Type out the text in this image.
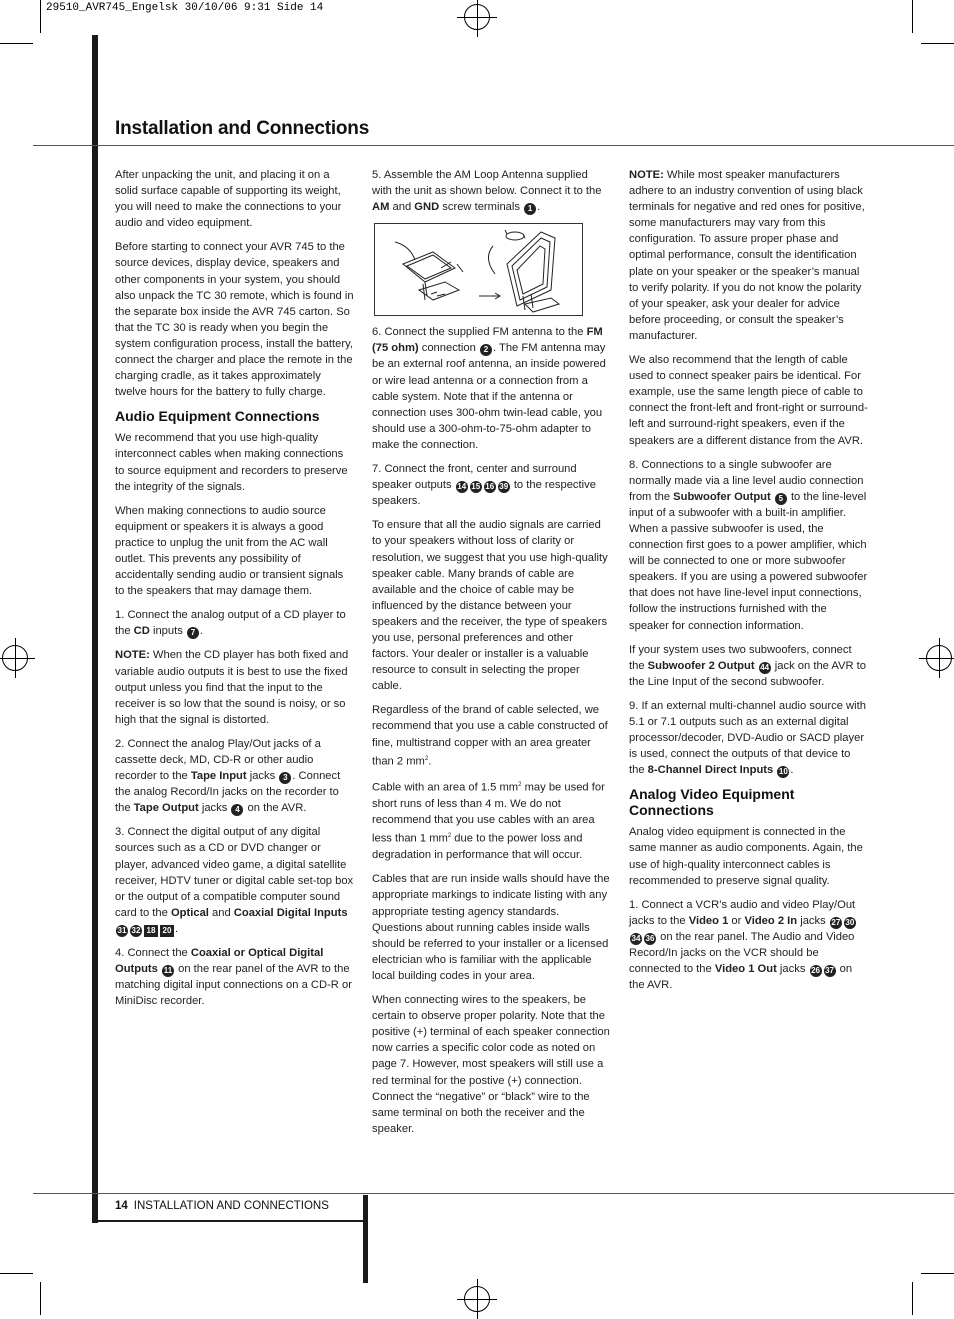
29510_AVR745_Engelsk 30/10/06 9:31 Side 14
Installation and Connections
14 INSTALLATION AND CONNECTIONS

After unpacking the unit, and placing it on a solid surface capable of supporting its weight, you will need to make the connections to your audio and video equipment.

Before starting to connect your AVR 745 to the source devices, display device, speakers and other components in your system, you should also unpack the TC 30 remote, which is found in the separate box inside the AVR 745 carton. So that the TC 30 is ready when you begin the system configuration process, install the battery, connect the charger and place the remote in the charging cradle, as it takes approximately twelve hours for the battery to fully charge.

Audio Equipment Connections

We recommend that you use high-quality interconnect cables when making connections to source equipment and recorders to preserve the integrity of the signals.

When making connections to audio source equipment or speakers it is always a good practice to unplug the unit from the AC wall outlet. This prevents any possibility of accidentally sending audio or transient signals to the speakers that may damage them.

1. Connect the analog output of a CD player to the CD inputs 7 .

NOTE: When the CD player has both fixed and variable audio outputs it is best to use the fixed output unless you find that the input to the receiver is so low that the sound is noisy, or so high that the signal is distorted.

2. Connect the analog Play/Out jacks of a cassette deck, MD, CD-R or other audio recorder to the Tape Input jacks 3 . Connect the analog Record/In jacks on the recorder to the Tape Output jacks 4 on the AVR.

3. Connect the digital output of any digital sources such as a CD or DVD changer or player, advanced video game, a digital satellite receiver, HDTV tuner or digital cable set-top box or the output of a compatible computer sound card to the Optical and Coaxial Digital Inputs
31 32 18 20 .

4. Connect the Coaxial or Optical Digital Outputs 11 on the rear panel of the AVR to the matching digital input connections on a CD-R or MiniDisc recorder.

5. Assemble the AM Loop Antenna supplied with the unit as shown below. Connect it to the AM and GND screw terminals 1 .

6. Connect the supplied FM antenna to the FM (75 ohm) connection 2 . The FM antenna may be an external roof antenna, an inside powered or wire lead antenna or a connection from a cable system. Note that if the antenna or connection uses 300-ohm twin-lead cable, you should use a 300-ohm-to-75-ohm adapter to make the connection.

7. Connect the front, center and surround speaker outputs 14 15 16 39 to the respective speakers.

To ensure that all the audio signals are carried to your speakers without loss of clarity or resolution, we suggest that you use high-quality speaker cable. Many brands of cable are available and the choice of cable may be influenced by the distance between your speakers and the receiver, the type of speakers you use, personal preferences and other factors. Your dealer or installer is a valuable resource to consult in selecting the proper cable.

Regardless of the brand of cable selected, we recommend that you use a cable constructed of fine, multistrand copper with an area greater than 2 $mm^2$.

Cable with an area of 1.5 $mm^2$ may be used for short runs of less than 4 m. We do not recommend that you use cables with an area less than 1 $mm^2$ due to the power loss and degradation in performance that will occur.

Cables that are run inside walls should have the appropriate markings to indicate listing with any appropriate testing agency standards. Questions about running cables inside walls should be referred to your installer or a licensed electrician who is familiar with the applicable local building codes in your area.

When connecting wires to the speakers, be certain to observe proper polarity. Note that the positive (+) terminal of each speaker connection now carries a specific color code as noted on page 7. However, most speakers will still use a red terminal for the postive (+) connection. Connect the “negative” or “black” wire to the same terminal on both the receiver and the speaker.

NOTE: While most speaker manufacturers adhere to an industry convention of using black terminals for negative and red ones for positive, some manufacturers may vary from this configuration. To assure proper phase and optimal performance, consult the identification plate on your speaker or the speaker’s manual to verify polarity. If you do not know the polarity of your speaker, ask your dealer for advice before proceeding, or consult the speaker’s manufacturer.

We also recommend that the length of cable used to connect speaker pairs be identical. For example, use the same length piece of cable to connect the front-left and front-right or surround-left and surround-right speakers, even if the speakers are a different distance from the AVR.

8. Connections to a single subwoofer are normally made via a line level audio connection from the Subwoofer Output 5 to the line-level input of a subwoofer with a built-in amplifier. When a passive subwoofer is used, the connection first goes to a power amplifier, which will be connected to one or more subwoofer speakers. If you are using a powered subwoofer that does not have line-level input connections, follow the instructions furnished with the speaker for connection information.

If your system uses two subwoofers, connect the Subwoofer 2 Output 44 jack on the AVR to the Line Input of the second subwoofer.

9. If an external multi-channel audio source with 5.1 or 7.1 outputs such as an external digital processor/decoder, DVD-Audio or SACD player is used, connect the outputs of that device to the 8-Channel Direct Inputs 10 .

Analog Video Equipment Connections

Analog video equipment is connected in the same manner as audio components. Again, the use of high-quality interconnect cables is recommended to preserve signal quality.

1. Connect a VCR’s audio and video Play/Out jacks to the Video 1 or Video 2 In jacks 27 3034 36 on the rear panel. The Audio and Video Record/In jacks on the VCR should be connected to the Video 1 Out jacks 26 37 on the AVR.
